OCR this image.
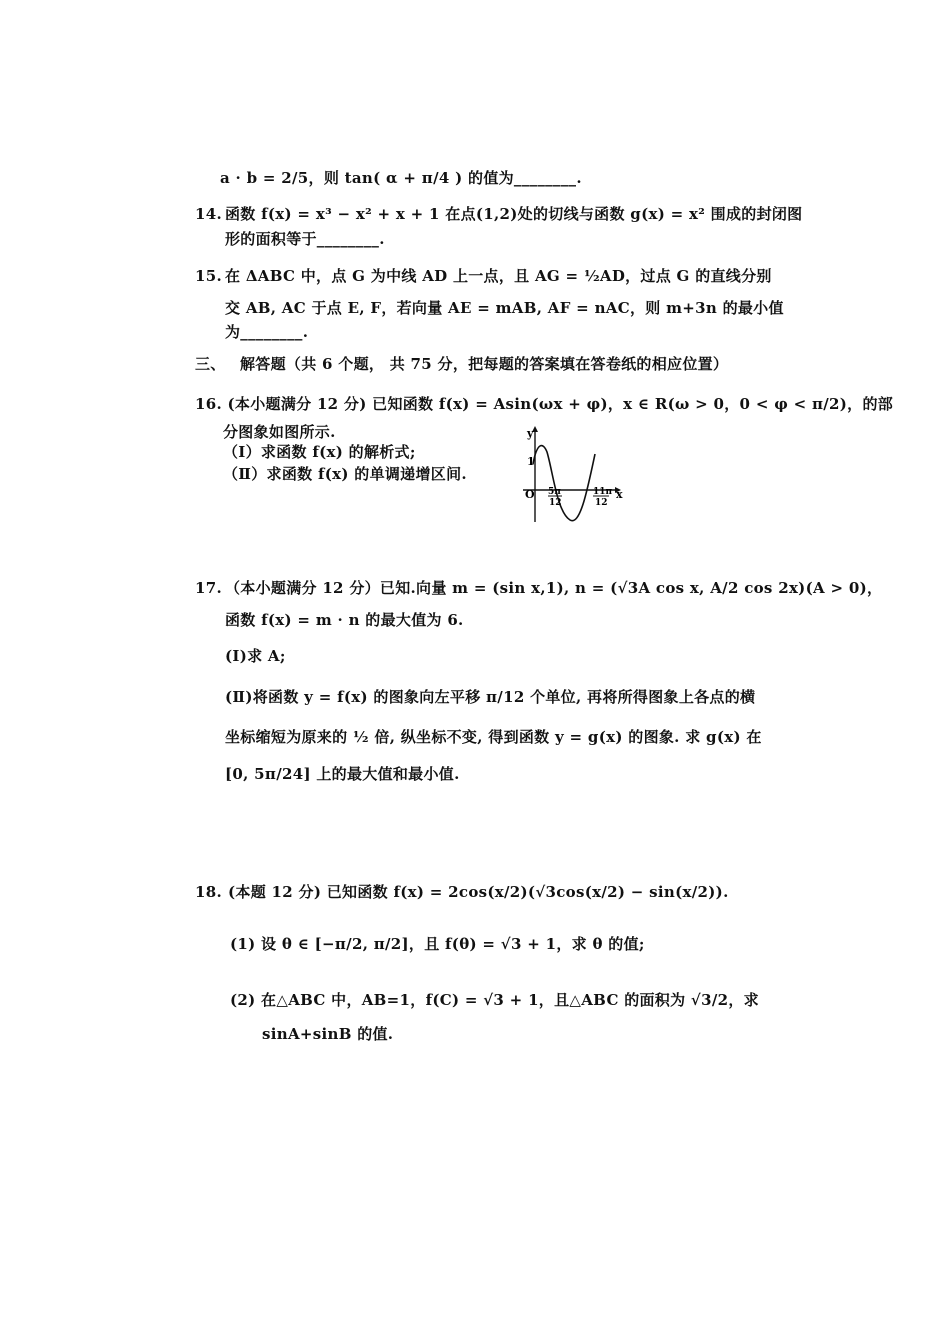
a · b = 2/5，则 tan( α + π/4 ) 的值为________.
14. 函数 f(x) = x³ − x² + x + 1 在点(1,2)处的切线与函数 g(x) = x² 围成的封闭图
形的面积等于________.
15. 在 ΔABC 中，点 G 为中线 AD 上一点，且 AG = ½AD，过点 G 的直线分别
交 AB, AC 于点 E, F，若向量 AE = mAB, AF = nAC，则 m+3n 的最小值
为________.
三、 解答题（共 6 个题， 共 75 分，把每题的答案填在答卷纸的相应位置）
16. (本小题满分 12 分) 已知函数 f(x) = Asin(ωx + φ)，x ∈ R(ω > 0，0 < φ < π/2)，的部
分图象如图所示.
（Ⅰ）求函数 f(x) 的解析式;
（Ⅱ）求函数 f(x) 的单调递增区间.
y
x
O
1
5π
12
11π
12
17. （本小题满分 12 分）已知.向量 m = (sin x,1), n = (√3A cos x, A/2 cos 2x)(A > 0)，
函数 f(x) = m · n 的最大值为 6.
(Ⅰ)求 A;
(Ⅱ)将函数 y = f(x) 的图象向左平移 π/12 个单位, 再将所得图象上各点的横
坐标缩短为原来的 ½ 倍, 纵坐标不变, 得到函数 y = g(x) 的图象. 求 g(x) 在
[0, 5π/24] 上的最大值和最小值.
18. (本题 12 分) 已知函数 f(x) = 2cos(x/2)(√3cos(x/2) − sin(x/2)).
(1) 设 θ ∈ [−π/2, π/2]，且 f(θ) = √3 + 1，求 θ 的值;
(2) 在△ABC 中，AB=1，f(C) = √3 + 1，且△ABC 的面积为 √3/2，求
sinA+sinB 的值.
